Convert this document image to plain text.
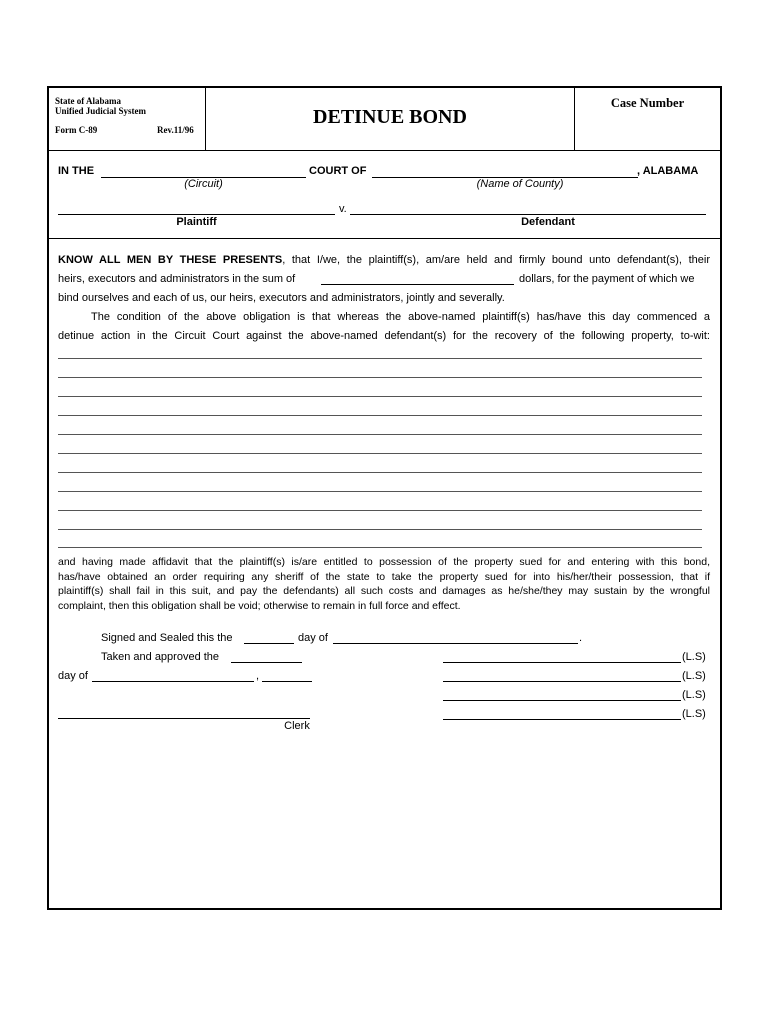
State of Alabama
Unified Judicial System
Form C-89	Rev.11/96
DETINUE BOND
Case Number
IN THE	COURT OF	, ALABAMA
(Circuit)	(Name of County)
v.
Plaintiff	Defendant
KNOW ALL MEN BY THESE PRESENTS, that I/we, the plaintiff(s), am/are held and firmly bound unto defendant(s), their
heirs, executors and administrators in the sum of	dollars, for the payment of which we
bind ourselves and each of us, our heirs, executors and administrators, jointly and severally.
The condition of the above obligation is that whereas the above-named plaintiff(s) has/have this day commenced a
detinue action in the Circuit Court against the above-named defendant(s) for the recovery of the following property, to-wit:
and having made affidavit that the plaintiff(s) is/are entitled to possession of the property sued for and entering with this bond,
has/have obtained an order requiring any sheriff of the state to take the property sued for into his/her/their possession, that if
plaintiff(s) shall fail in this suit, and pay the defendants) all such costs and damages as he/she/they may sustain by the wrongful
complaint, then this obligation shall be void; otherwise to remain in full force and effect.
Signed and Sealed this the	day of	.
Taken and approved the
day of	,
(L.S)
(L.S)
(L.S)
(L.S)
Clerk
